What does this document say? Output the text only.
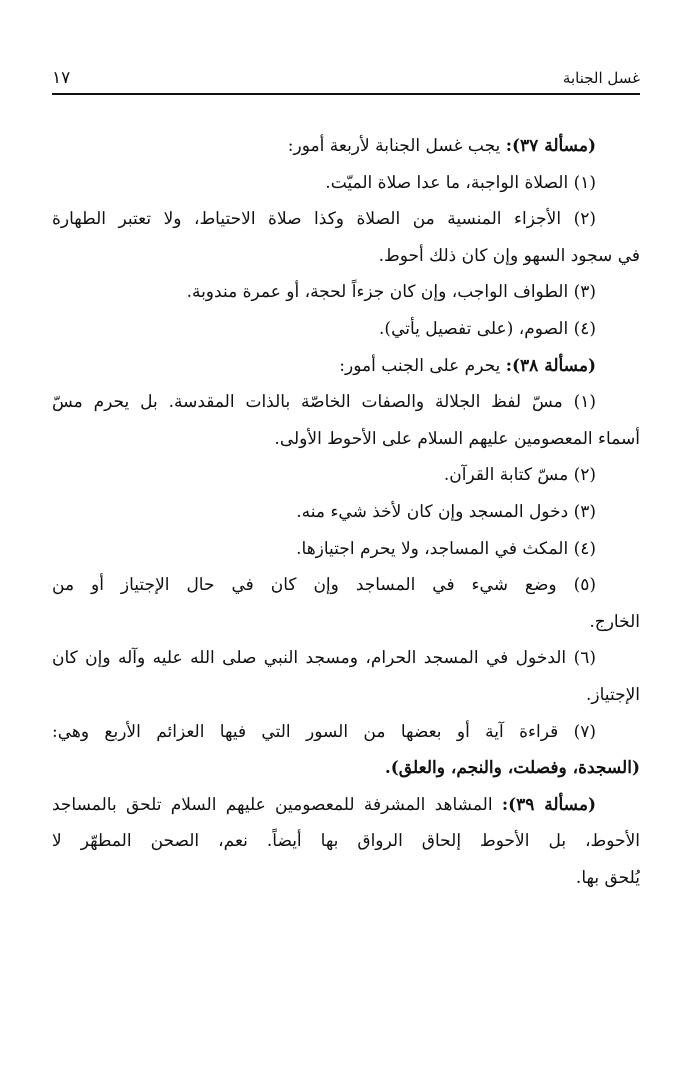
غسل الجنابة
١٧
(مسألة ٣٧): يجب غسل الجنابة لأربعة أمور:
(١) الصلاة الواجبة، ما عدا صلاة الميّت.
(٢) الأجزاء المنسية من الصلاة وكذا صلاة الاحتياط، ولا تعتبر الطهارة
في سجود السهو وإن كان ذلك أحوط.
(٣) الطواف الواجب، وإن كان جزءاً لحجة، أو عمرة مندوبة.
(٤) الصوم، (على تفصيل يأتي).
(مسألة ٣٨): يحرم على الجنب أمور:
(١) مسّ لفظ الجلالة والصفات الخاصّة بالذات المقدسة. بل يحرم مسّ
أسماء المعصومين عليهم السلام على الأحوط الأولى.
(٢) مسّ كتابة القرآن.
(٣) دخول المسجد وإن كان لأخذ شيء منه.
(٤) المكث في المساجد، ولا يحرم اجتيازها.
(٥) وضع شيء في المساجد وإن كان في حال الإجتياز أو من
الخارج.
(٦) الدخول في المسجد الحرام، ومسجد النبي صلى الله عليه وآله وإن كان
الإجتياز.
(٧) قراءة آية أو بعضها من السور التي فيها العزائم الأربع وهي:
(السجدة، وفصلت، والنجم، والعلق).
(مسألة ٣٩): المشاهد المشرفة للمعصومين عليهم السلام تلحق بالمساجد
الأحوط، بل الأحوط إلحاق الرواق بها أيضاً. نعم، الصحن المطهّر لا
يُلحق بها.
